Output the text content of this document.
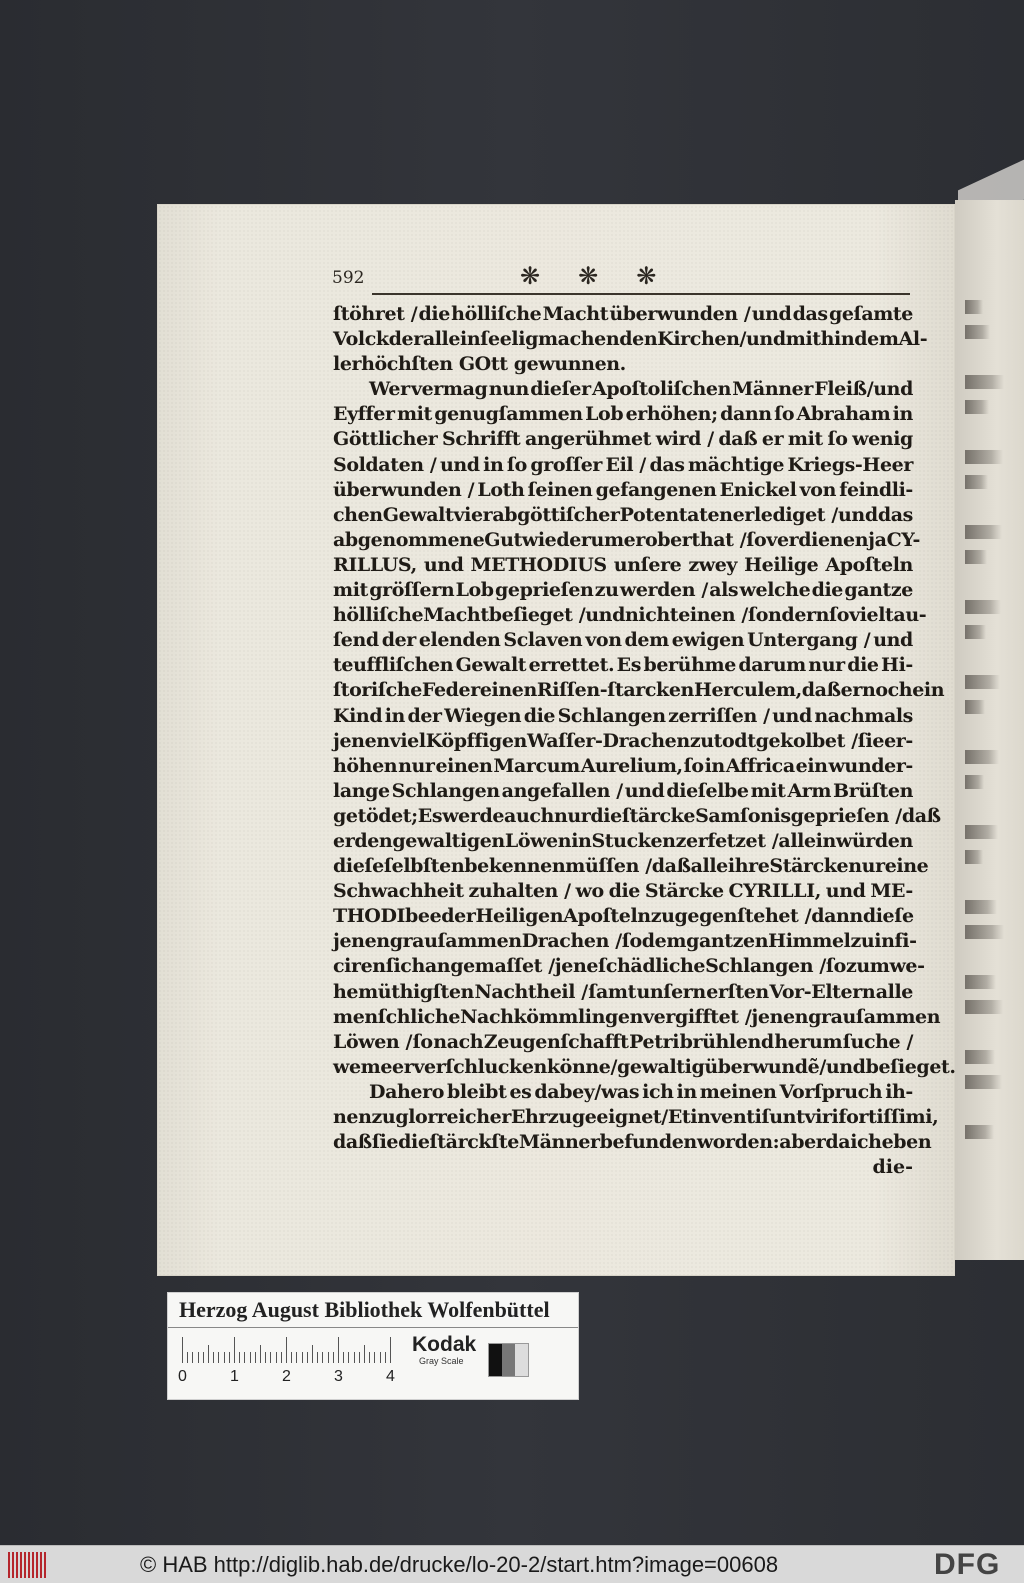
592	❋❋❋
ſtöhret / die hölliſche Macht überwunden / und das geſamte
Volck der allein ſeeligmachenden Kirchen/und mithin dem Al-
lerhöchſten GOtt gewunnen.
Wer vermag nun dieſer Apoſtoliſchen Männer Fleiß/und
Eyffer mit genugſammen Lob erhöhen; dann ſo Abraham in
Göttlicher Schrifft angerühmet wird / daß er mit ſo wenig
Soldaten / und in ſo groſſer Eil / das mächtige Kriegs-Heer
überwunden / Loth ſeinen gefangenen Enickel von feindli-
chen Gewalt vier abgöttiſcher Potentaten erlediget / und das
abgenommene Gut wiederum erobert hat / ſo verdienen ja CY-
RILLUS, und METHODIUS unſere zwey Heilige Apoſteln
mit gröſſern Lob geprieſen zu werden / als welche die gantze
hölliſche Macht beſieget / und nicht einen / ſondern ſo viel tau-
ſend der elenden Sclaven von dem ewigen Untergang / und
teuffliſchen Gewalt errettet. Es berühme darum nur die Hi-
ſtoriſche Feder einen Riſſen-ſtarcken Herculem, daß er noch ein
Kind in der Wiegen die Schlangen zerriſſen / und nachmals
jenen viel Köpffigen Waſſer-Drachen zu todt gekolbet / ſie er-
höhen nur einen Marcum Aurelium, ſo in Affrica ein wunder-
lange Schlangen angefallen / und dieſelbe mit Arm Brüſten
getödet; Es werde auch nur die ſtärcke Samſonis geprieſen / daß
er den gewaltigen Löwen in Stucken zerfetzet / allein würden
dieſe ſelbſten bekennen müſſen / daß alle ihre Stärcke nur eine
Schwachheit zuhalten / wo die Stärcke CYRILLI, und ME-
THODI beeder Heiligen Apoſteln zugegen ſtehet / dann dieſe
jenen grauſammen Drachen / ſo dem gantzen Himmel zu infi-
ciren ſich angemaſſet / jene ſchädliche Schlangen / ſo zum we-
hemüthigſten Nachtheil / ſamt unſern erſten Vor-Eltern alle
menſchliche Nachkömmlingen vergifftet / jenen grauſammen
Löwen / ſo nach Zeugenſchafft Petri brühlend herum ſuche /
weme er verſchlucken könne/gewaltig überwundẽ/und beſieget.
Dahero bleibt es dabey/was ich in meinen Vorſpruch ih-
nen zu glorreicher Ehr zugeeignet/Et inventi ſunt viri fortiſſimi,
daß ſie die ſtärckſte Männer befunden worden: aber da ich eben
die-
Herzog August Bibliothek Wolfenbüttel
0	1	2	3	4
Kodak
Gray Scale
© HAB http://diglib.hab.de/drucke/lo-20-2/start.htm?image=00608	DFG
